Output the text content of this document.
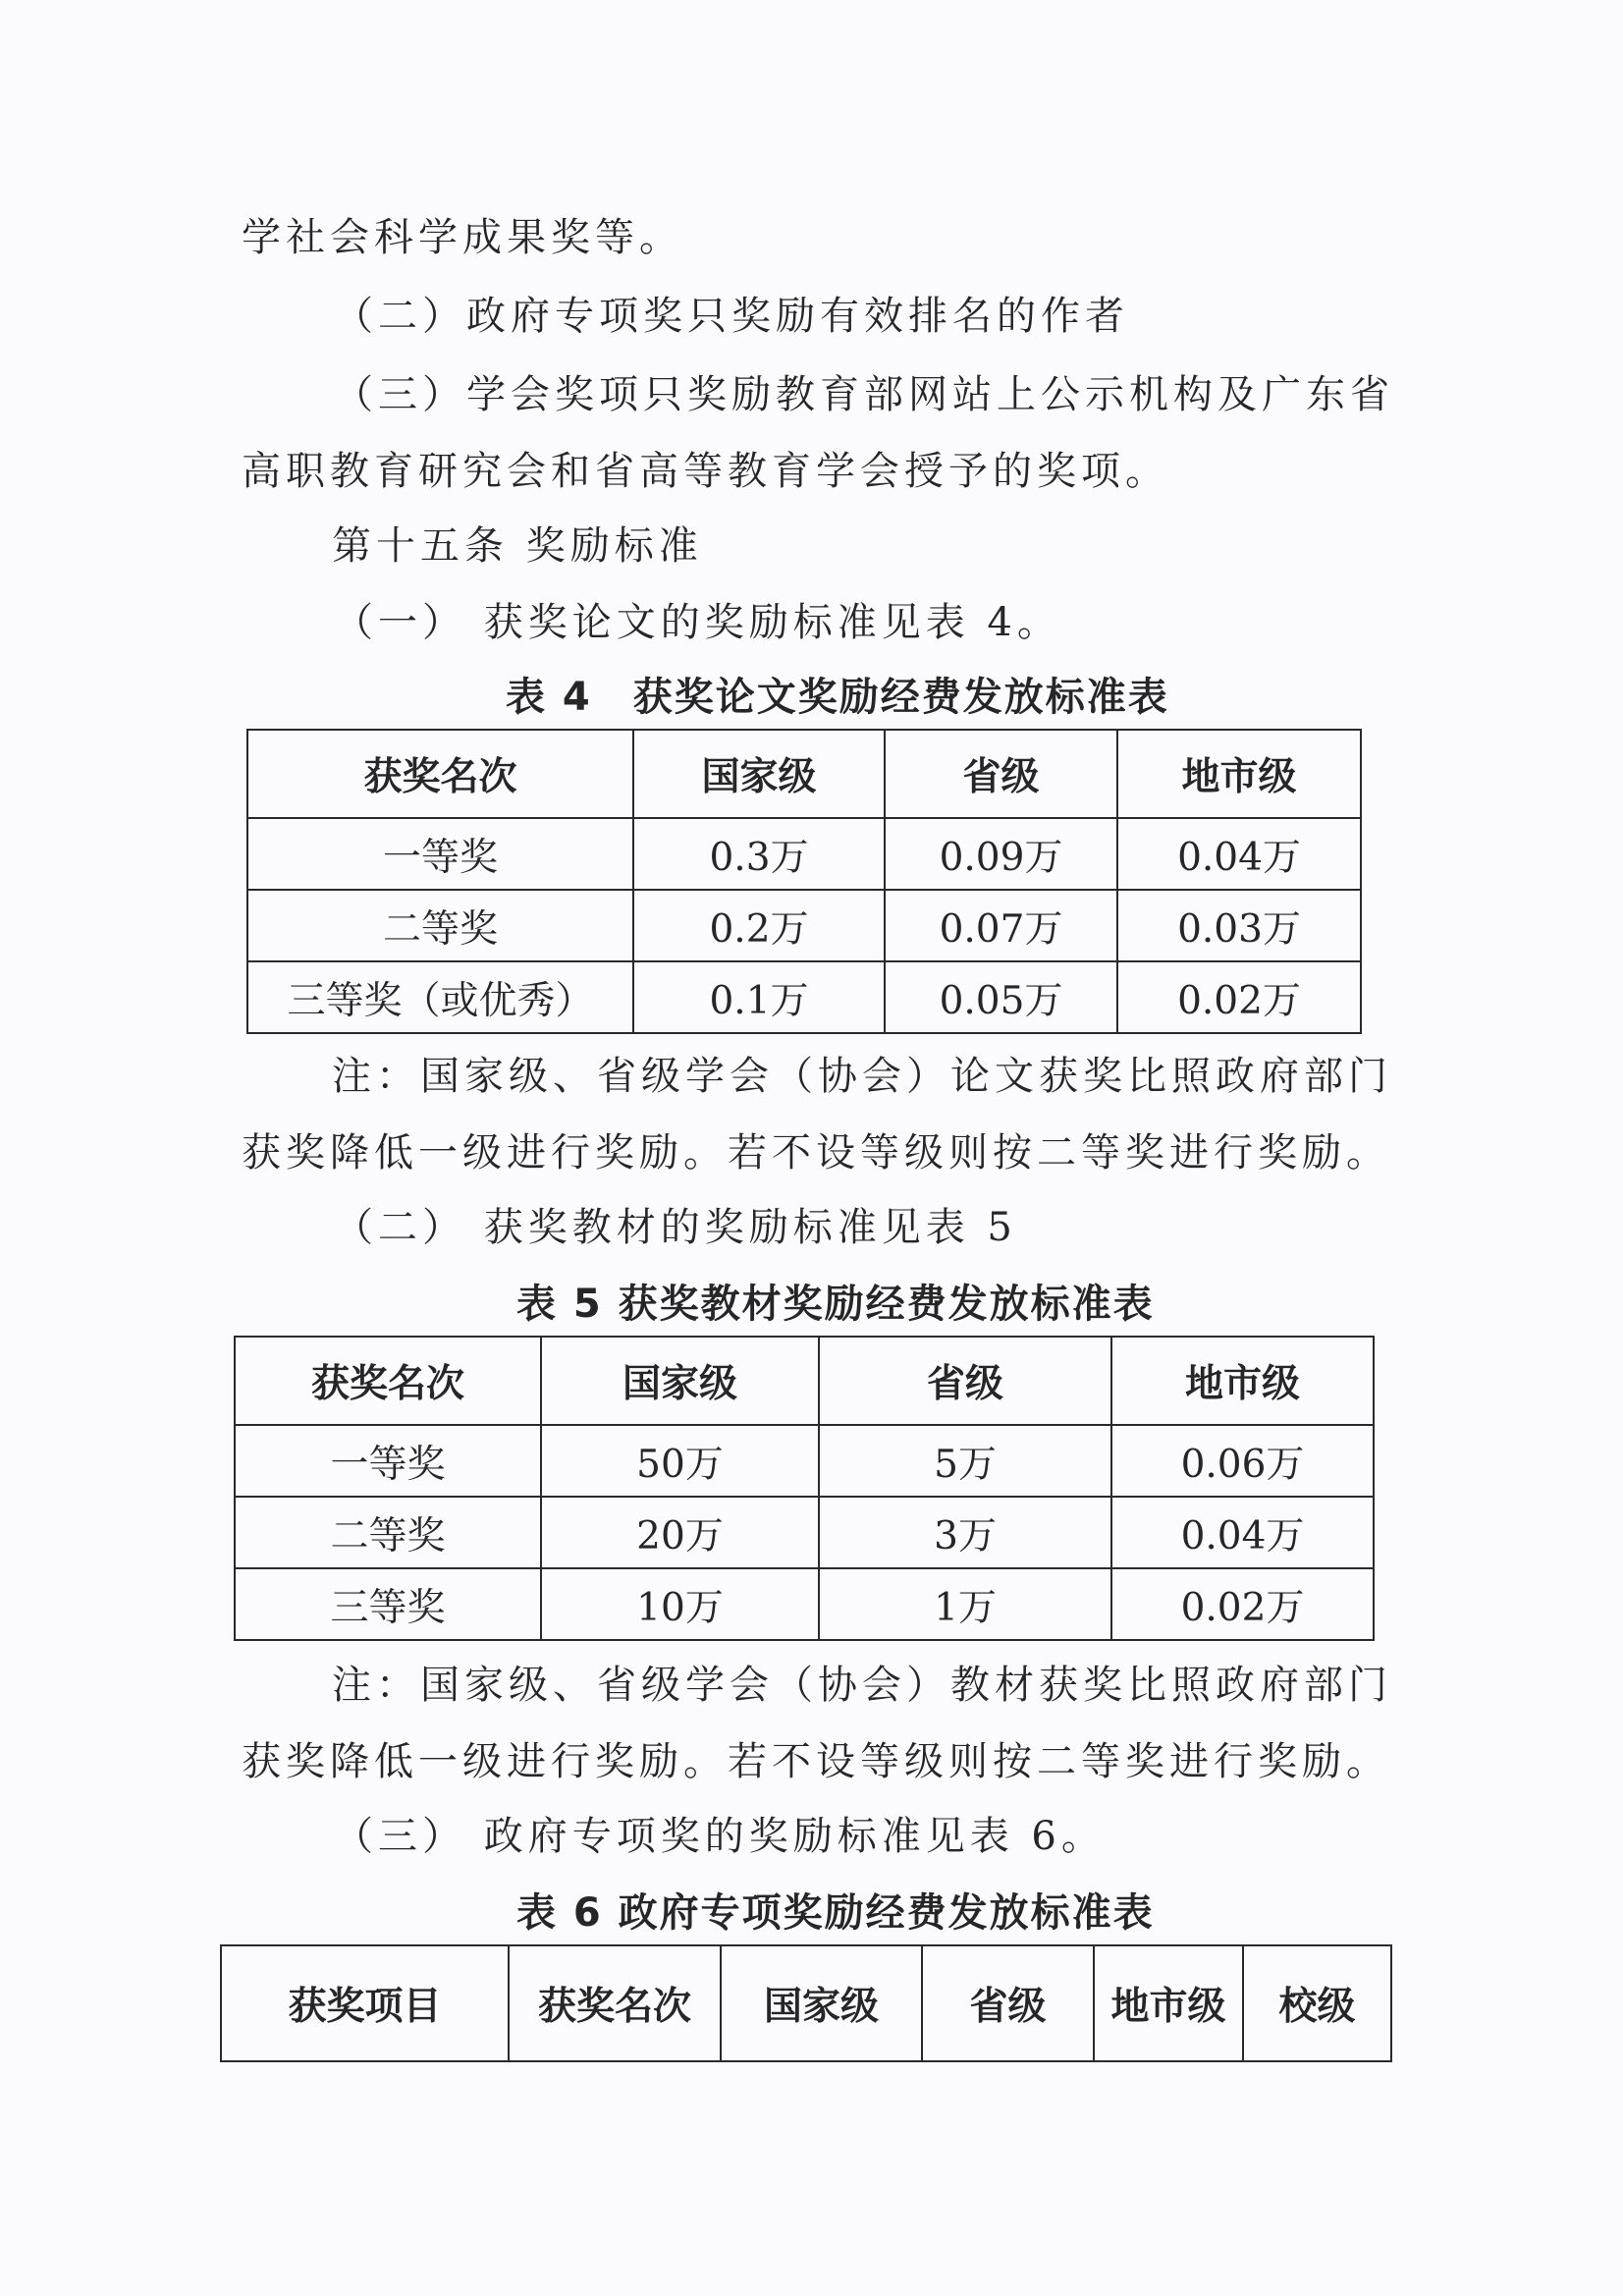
学社会科学成果奖等。
（二）政府专项奖只奖励有效排名的作者
（三）学会奖项只奖励教育部网站上公示机构及广东省
高职教育研究会和省高等教育学会授予的奖项。
第十五条 奖励标准
（一） 获奖论文的奖励标准见表 4。
表 4　获奖论文奖励经费发放标准表
获奖名次	国家级	省级	地市级
一等奖	0.3万	0.09万	0.04万
二等奖	0.2万	0.07万	0.03万
三等奖（或优秀）	0.1万	0.05万	0.02万
注：国家级、省级学会（协会）论文获奖比照政府部门
获奖降低一级进行奖励。若不设等级则按二等奖进行奖励。
（二） 获奖教材的奖励标准见表 5
表 5 获奖教材奖励经费发放标准表
获奖名次	国家级	省级	地市级
一等奖	50万	5万	0.06万
二等奖	20万	3万	0.04万
三等奖	10万	1万	0.02万
注：国家级、省级学会（协会）教材获奖比照政府部门
获奖降低一级进行奖励。若不设等级则按二等奖进行奖励。
（三） 政府专项奖的奖励标准见表 6。
表 6 政府专项奖励经费发放标准表
获奖项目	获奖名次	国家级	省级	地市级	校级
